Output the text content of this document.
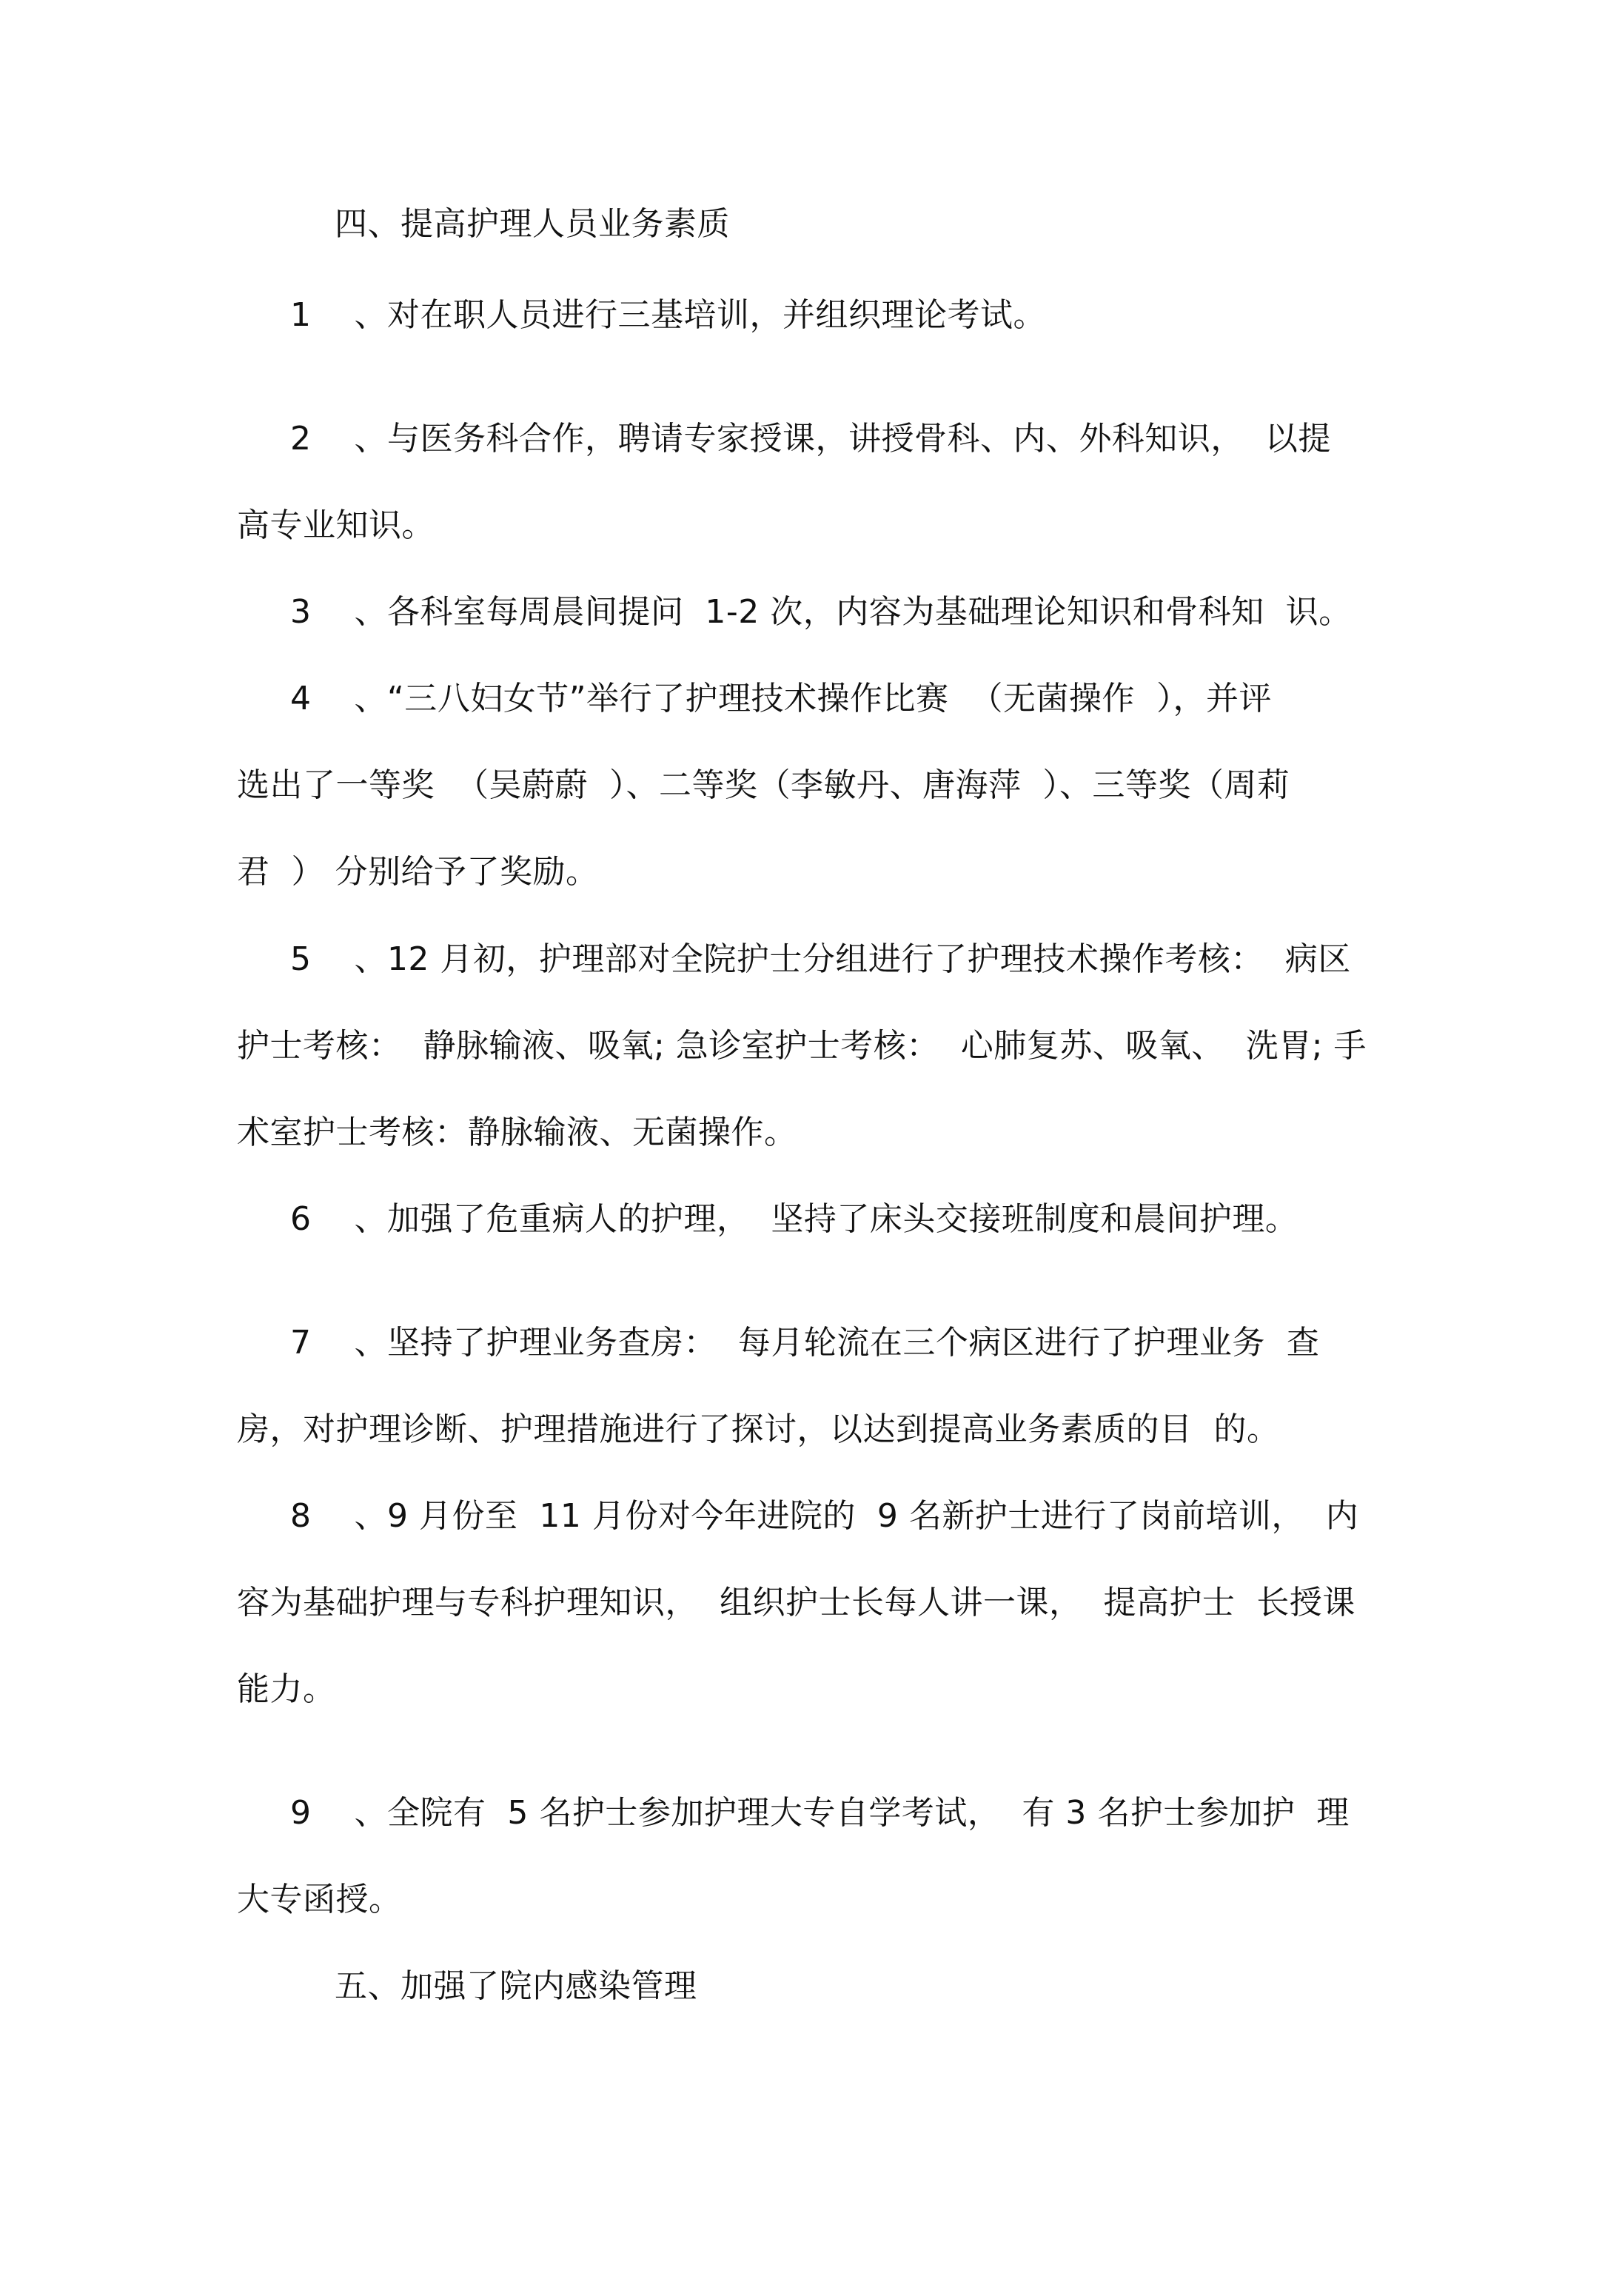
四、提高护理人员业务素质
1    、对在职人员进行三基培训，并组织理论考试。
2    、与医务科合作，聘请专家授课，讲授骨科、内、外科知识，  以提
高专业知识。
3    、各科室每周晨间提问  1-2 次，内容为基础理论知识和骨科知  识。
4    、“三八妇女节”举行了护理技术操作比赛  （无菌操作  ），并评
选出了一等奖  （吴蔚蔚  ）、二等奖（李敏丹、唐海萍  ）、三等奖（周莉
君  ） 分别给予了奖励。
5    、12 月初，护理部对全院护士分组进行了护理技术操作考核：  病区
护士考核：  静脉输液、吸氧; 急诊室护士考核：  心肺复苏、吸氧、  洗胃; 手
术室护士考核：静脉输液、无菌操作。
6    、加强了危重病人的护理，  坚持了床头交接班制度和晨间护理。
7    、坚持了护理业务查房：  每月轮流在三个病区进行了护理业务  查
房，对护理诊断、护理措施进行了探讨，以达到提高业务素质的目  的。
8    、9 月份至  11 月份对今年进院的  9 名新护士进行了岗前培训，  内
容为基础护理与专科护理知识，  组织护士长每人讲一课，  提高护士  长授课
能力。
9    、全院有  5 名护士参加护理大专自学考试，  有 3 名护士参加护  理
大专函授。
五、加强了院内感染管理
